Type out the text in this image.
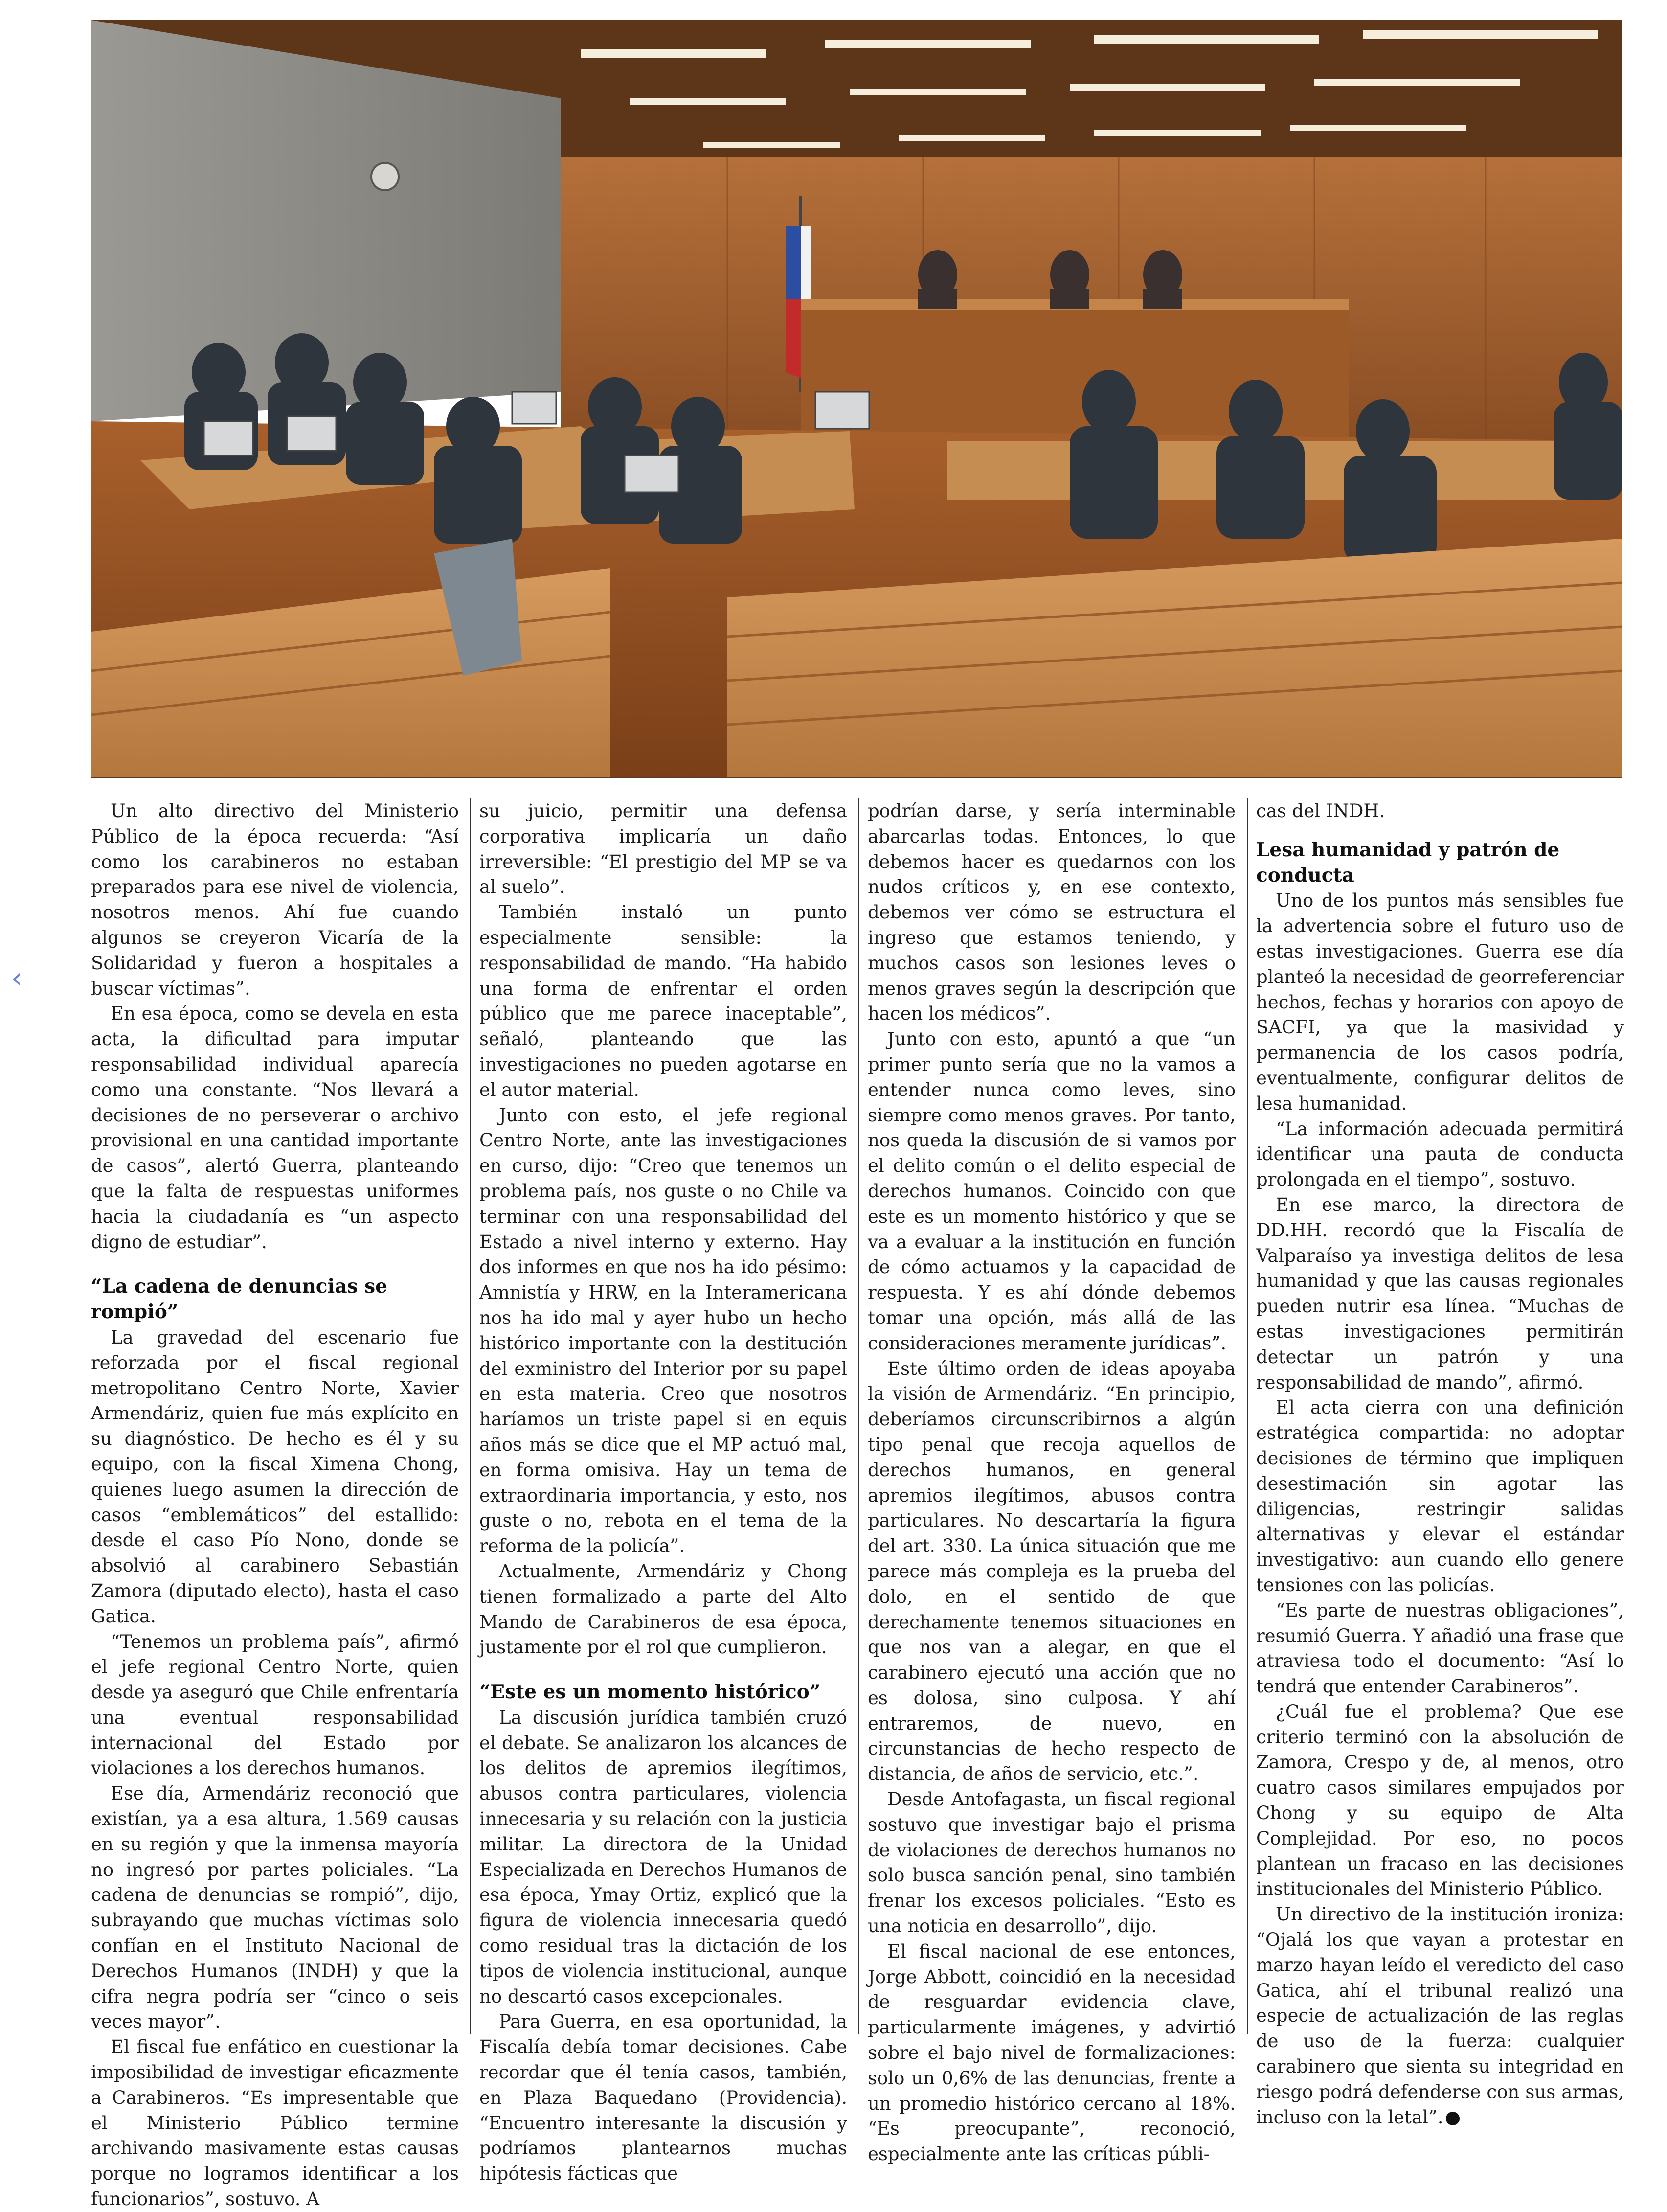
‹

Un alto directivo del Ministerio Público de la época recuerda: “Así como los carabineros no estaban preparados para ese nivel de violencia, nosotros menos. Ahí fue cuando algunos se creyeron Vicaría de la Solidaridad y fueron a hospitales a buscar víctimas”.

En esa época, como se devela en esta acta, la dificultad para imputar responsabilidad individual aparecía como una constante. “Nos llevará a decisiones de no perseverar o archivo provisional en una cantidad importante de casos”, alertó Guerra, planteando que la falta de respuestas uniformes hacia la ciudadanía es “un aspecto digno de estudiar”.

“La cadena de denuncias se rompió”

La gravedad del escenario fue reforzada por el fiscal regional metropolitano Centro Norte, Xavier Armendáriz, quien fue más explícito en su diagnóstico. De hecho es él y su equipo, con la fiscal Ximena Chong, quienes luego asumen la dirección de casos “emblemáticos” del estallido: desde el caso Pío Nono, donde se absolvió al carabinero Sebastián Zamora (diputado electo), hasta el caso Gatica.

“Tenemos un problema país”, afirmó el jefe regional Centro Norte, quien desde ya aseguró que Chile enfrentaría una eventual responsabilidad internacional del Estado por violaciones a los derechos humanos.

Ese día, Armendáriz reconoció que existían, ya a esa altura, 1.569 causas en su región y que la inmensa mayoría no ingresó por partes policiales. “La cadena de denuncias se rompió”, dijo, subrayando que muchas víctimas solo confían en el Instituto Nacional de Derechos Humanos (INDH) y que la cifra negra podría ser “cinco o seis veces mayor”.

El fiscal fue enfático en cuestionar la imposibilidad de investigar eficazmente a Carabineros. “Es impresentable que el Ministerio Público termine archivando masivamente estas causas porque no logramos identificar a los funcionarios”, sostuvo. A

su juicio, permitir una defensa corporativa implicaría un daño irreversible: “El prestigio del MP se va al suelo”.

También instaló un punto especialmente sensible: la responsabilidad de mando. “Ha habido una forma de enfrentar el orden público que me parece inaceptable”, señaló, planteando que las investigaciones no pueden agotarse en el autor material.

Junto con esto, el jefe regional Centro Norte, ante las investigaciones en curso, dijo: “Creo que tenemos un problema país, nos guste o no Chile va terminar con una responsabilidad del Estado a nivel interno y externo. Hay dos informes en que nos ha ido pésimo: Amnistía y HRW, en la Interamericana nos ha ido mal y ayer hubo un hecho histórico importante con la destitución del exministro del Interior por su papel en esta materia. Creo que nosotros haríamos un triste papel si en equis años más se dice que el MP actuó mal, en forma omisiva. Hay un tema de extraordinaria importancia, y esto, nos guste o no, rebota en el tema de la reforma de la policía”.

Actualmente, Armendáriz y Chong tienen formalizado a parte del Alto Mando de Carabineros de esa época, justamente por el rol que cumplieron.

“Este es un momento histórico”

La discusión jurídica también cruzó el debate. Se analizaron los alcances de los delitos de apremios ilegítimos, abusos contra particulares, violencia innecesaria y su relación con la justicia militar. La directora de la Unidad Especializada en Derechos Humanos de esa época, Ymay Ortiz, explicó que la figura de violencia innecesaria quedó como residual tras la dictación de los tipos de violencia institucional, aunque no descartó casos excepcionales.

Para Guerra, en esa oportunidad, la Fiscalía debía tomar decisiones. Cabe recordar que él tenía casos, también, en Plaza Baquedano (Providencia). “Encuentro interesante la discusión y podríamos plantearnos muchas hipótesis fácticas que

podrían darse, y sería interminable abarcarlas todas. Entonces, lo que debemos hacer es quedarnos con los nudos críticos y, en ese contexto, debemos ver cómo se estructura el ingreso que estamos teniendo, y muchos casos son lesiones leves o menos graves según la descripción que hacen los médicos”.

Junto con esto, apuntó a que “un primer punto sería que no la vamos a entender nunca como leves, sino siempre como menos graves. Por tanto, nos queda la discusión de si vamos por el delito común o el delito especial de derechos humanos. Coincido con que este es un momento histórico y que se va a evaluar a la institución en función de cómo actuamos y la capacidad de respuesta. Y es ahí dónde debemos tomar una opción, más allá de las consideraciones meramente jurídicas”.

Este último orden de ideas apoyaba la visión de Armendáriz. “En principio, deberíamos circunscribirnos a algún tipo penal que recoja aquellos de derechos humanos, en general apremios ilegítimos, abusos contra particulares. No descartaría la figura del art. 330. La única situación que me parece más compleja es la prueba del dolo, en el sentido de que derechamente tenemos situaciones en que nos van a alegar, en que el carabinero ejecutó una acción que no es dolosa, sino culposa. Y ahí entraremos, de nuevo, en circunstancias de hecho respecto de distancia, de años de servicio, etc.”.

Desde Antofagasta, un fiscal regional sostuvo que investigar bajo el prisma de violaciones de derechos humanos no solo busca sanción penal, sino también frenar los excesos policiales. “Esto es una noticia en desarrollo”, dijo.

El fiscal nacional de ese entonces, Jorge Abbott, coincidió en la necesidad de resguardar evidencia clave, particularmente imágenes, y advirtió sobre el bajo nivel de formalizaciones: solo un 0,6% de las denuncias, frente a un promedio histórico cercano al 18%. “Es preocupante”, reconoció, especialmente ante las críticas públi-

cas del INDH.

Lesa humanidad y patrón de conducta

Uno de los puntos más sensibles fue la advertencia sobre el futuro uso de estas investigaciones. Guerra ese día planteó la necesidad de georreferenciar hechos, fechas y horarios con apoyo de SACFI, ya que la masividad y permanencia de los casos podría, eventualmente, configurar delitos de lesa humanidad.

“La información adecuada permitirá identificar una pauta de conducta prolongada en el tiempo”, sostuvo.

En ese marco, la directora de DD.HH. recordó que la Fiscalía de Valparaíso ya investiga delitos de lesa humanidad y que las causas regionales pueden nutrir esa línea. “Muchas de estas investigaciones permitirán detectar un patrón y una responsabilidad de mando”, afirmó.

El acta cierra con una definición estratégica compartida: no adoptar decisiones de término que impliquen desestimación sin agotar las diligencias, restringir salidas alternativas y elevar el estándar investigativo: aun cuando ello genere tensiones con las policías.

“Es parte de nuestras obligaciones”, resumió Guerra. Y añadió una frase que atraviesa todo el documento: “Así lo tendrá que entender Carabineros”.

¿Cuál fue el problema? Que ese criterio terminó con la absolución de Zamora, Crespo y de, al menos, otro cuatro casos similares empujados por Chong y su equipo de Alta Complejidad. Por eso, no pocos plantean un fracaso en las decisiones institucionales del Ministerio Público.

Un directivo de la institución ironiza: “Ojalá los que vayan a protestar en marzo hayan leído el veredicto del caso Gatica, ahí el tribunal realizó una especie de actualización de las reglas de uso de la fuerza: cualquier carabinero que sienta su integridad en riesgo podrá defenderse con sus armas, incluso con la letal”.
